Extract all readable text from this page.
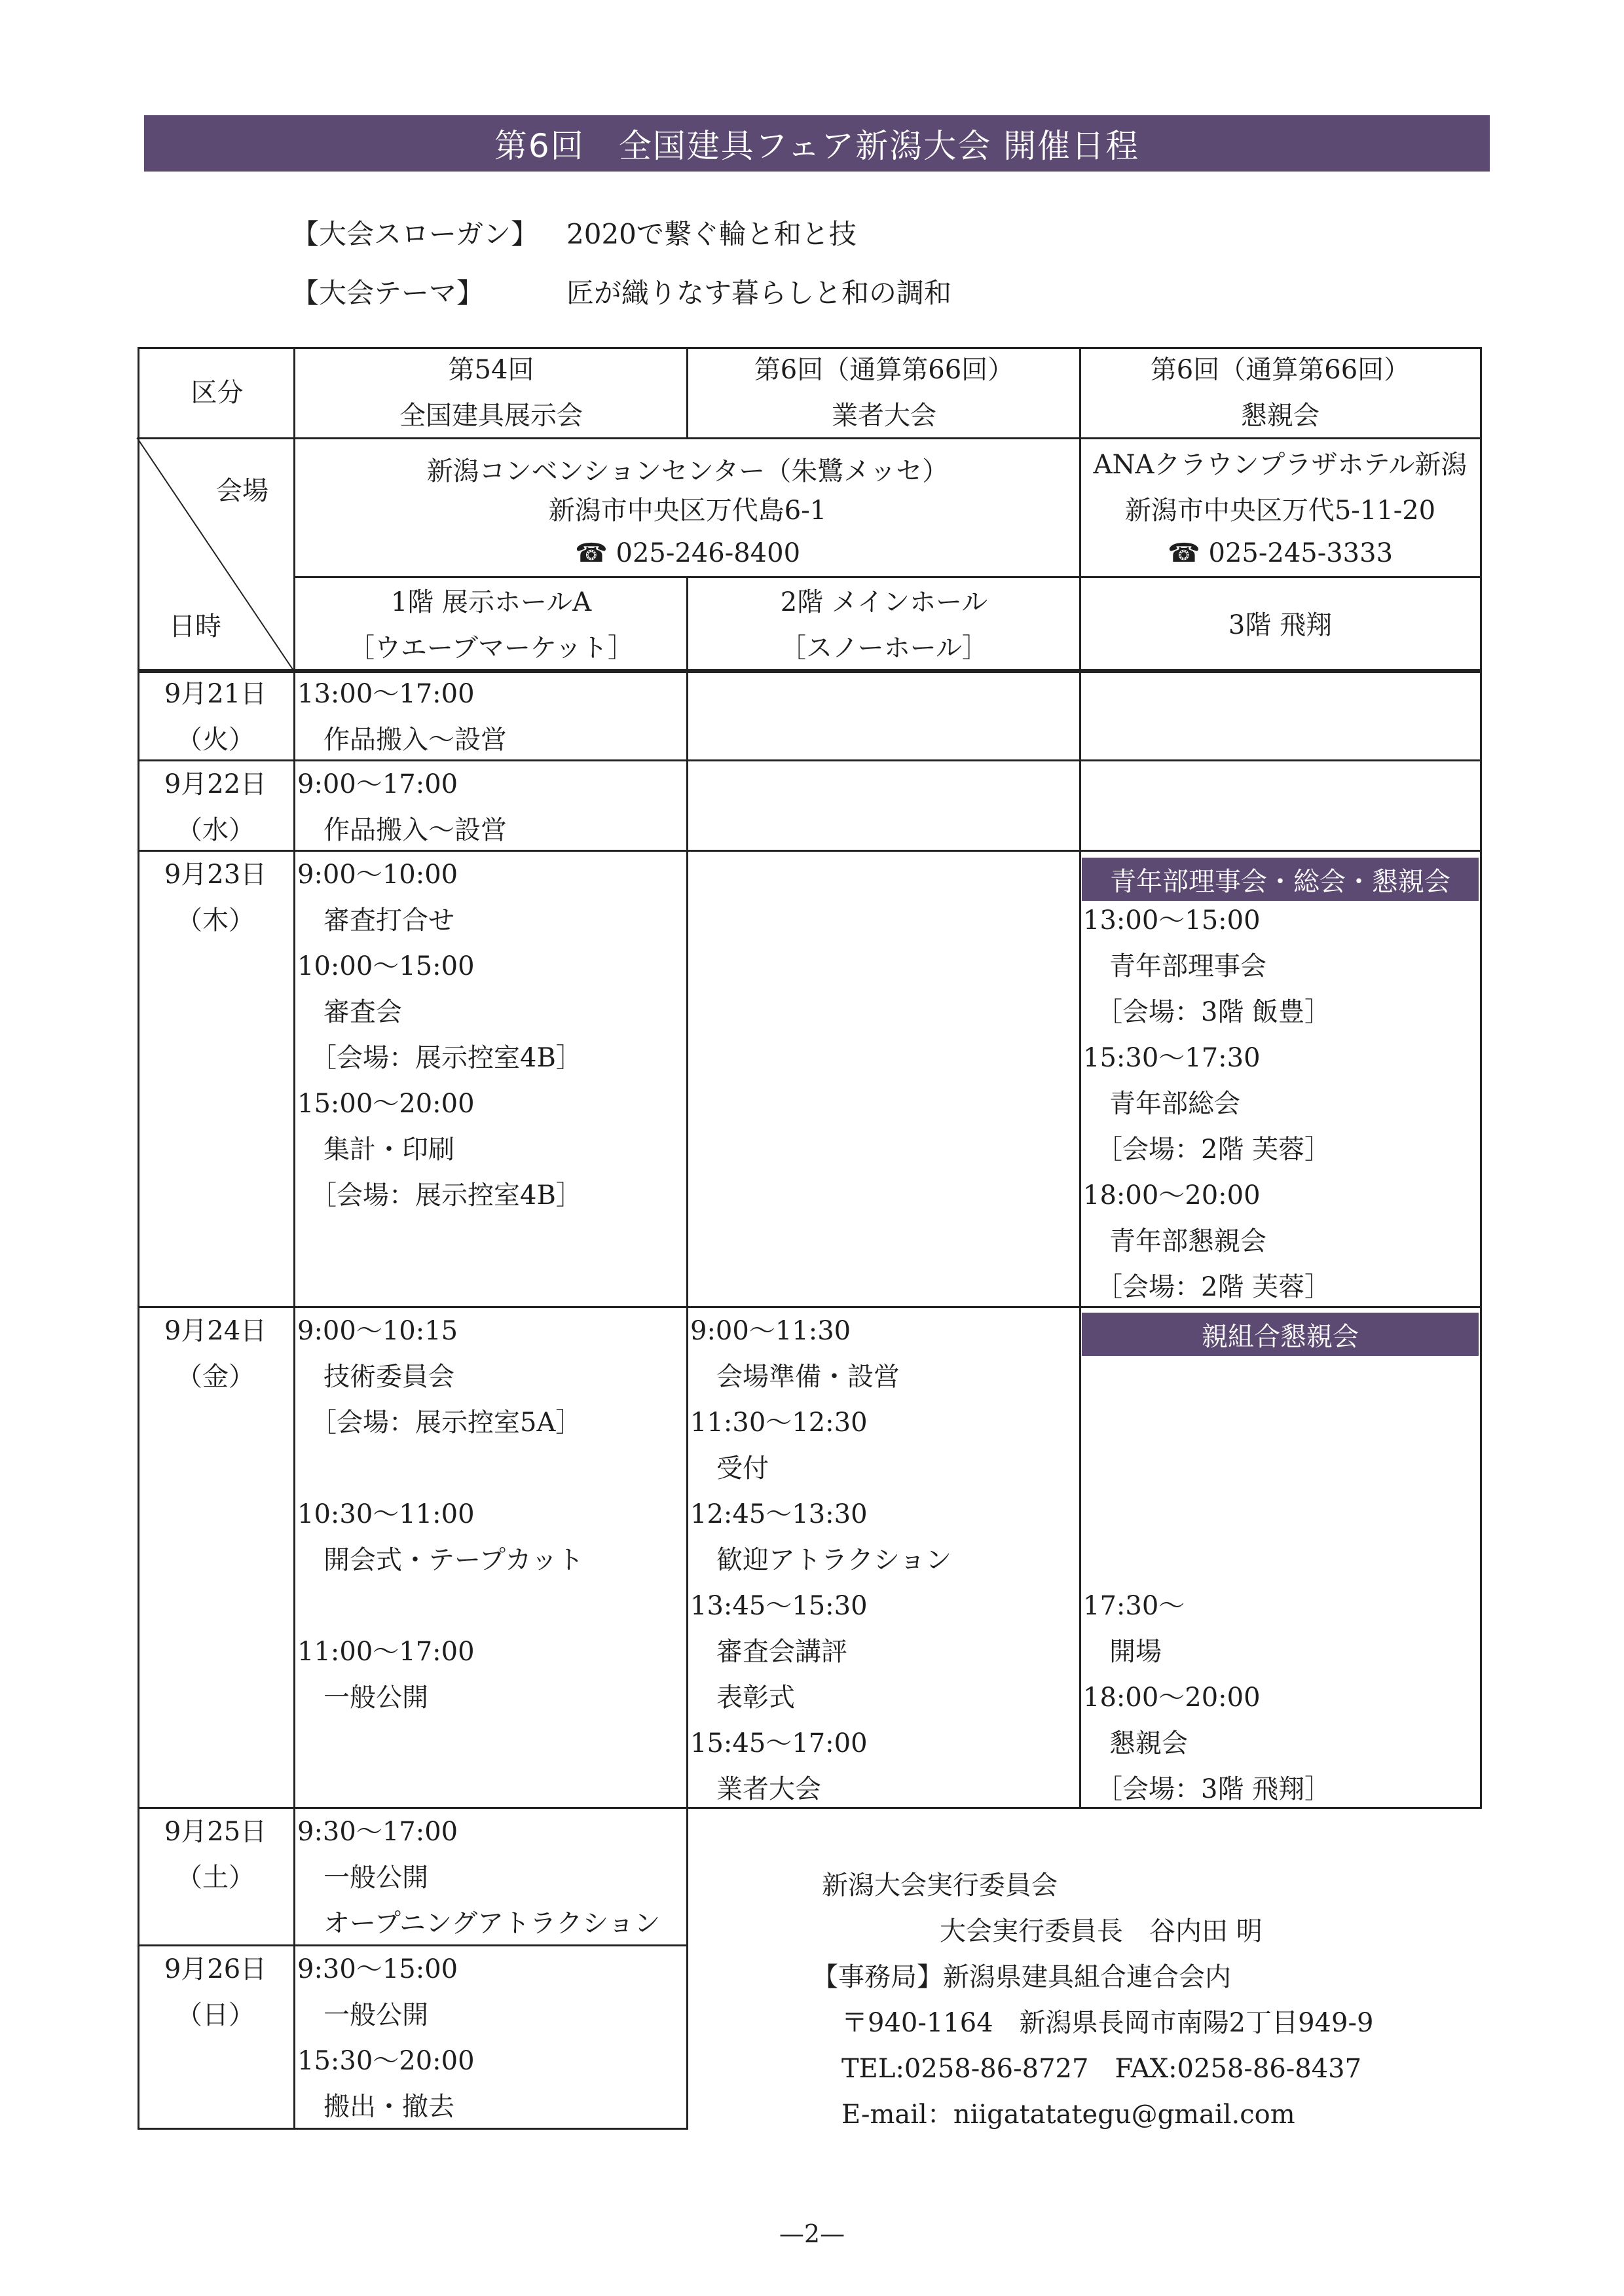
第6回　全国建具フェア新潟大会 開催日程
【大会スローガン】 2020で繋ぐ輪と和と技
【大会テーマ】	匠が織りなす暮らしと和の調和
区分
会場
日時
第54回
全国建具展示会
第6回（通算第66回）
業者大会
第6回（通算第66回）
懇親会
新潟コンベンションセンター（朱鷺メッセ）
新潟市中央区万代島6-1
☎ 025-246-8400
ANAクラウンプラザホテル新潟
新潟市中央区万代5-11-20
☎ 025-245-3333
1階 展示ホールA
［ウエーブマーケット］
2階 メインホール
［スノーホール］
3階 飛翔
青年部理事会・総会・懇親会
親組合懇親会
9月21日
（火）
13:00〜17:00
　作品搬入〜設営
9月22日
（水）
9:00〜17:00
　作品搬入〜設営
9月23日
（木）
9:00〜10:00
　審査打合せ
10:00〜15:00
　審査会
　［会場：展示控室4B］
15:00〜20:00
　集計・印刷
　［会場：展示控室4B］
13:00〜15:00
　青年部理事会
　［会場：3階 飯豊］
15:30〜17:30
　青年部総会
　［会場：2階 芙蓉］
18:00〜20:00
　青年部懇親会
　［会場：2階 芙蓉］
9月24日
（金）
9:00〜10:15
　技術委員会
　［会場：展示控室5A］
10:30〜11:00
　開会式・テープカット
11:00〜17:00
　一般公開
9:00〜11:30
　会場準備・設営
11:30〜12:30
　受付
12:45〜13:30
　歓迎アトラクション
13:45〜15:30
　審査会講評
　表彰式
15:45〜17:00
　業者大会
17:30〜
　開場
18:00〜20:00
　懇親会
　［会場：3階 飛翔］
9月25日
（土）
9:30〜17:00
　一般公開
　オープニングアトラクション
9月26日
（日）
9:30〜15:00
　一般公開
15:30〜20:00
　搬出・撤去
新潟大会実行委員会
大会実行委員長　谷内田 明
【事務局】新潟県建具組合連合会内
〒940-1164　新潟県長岡市南陽2丁目949-9
TEL:0258-86-8727　FAX:0258-86-8437
E-mail：niigatatategu@gmail.com
—2—
